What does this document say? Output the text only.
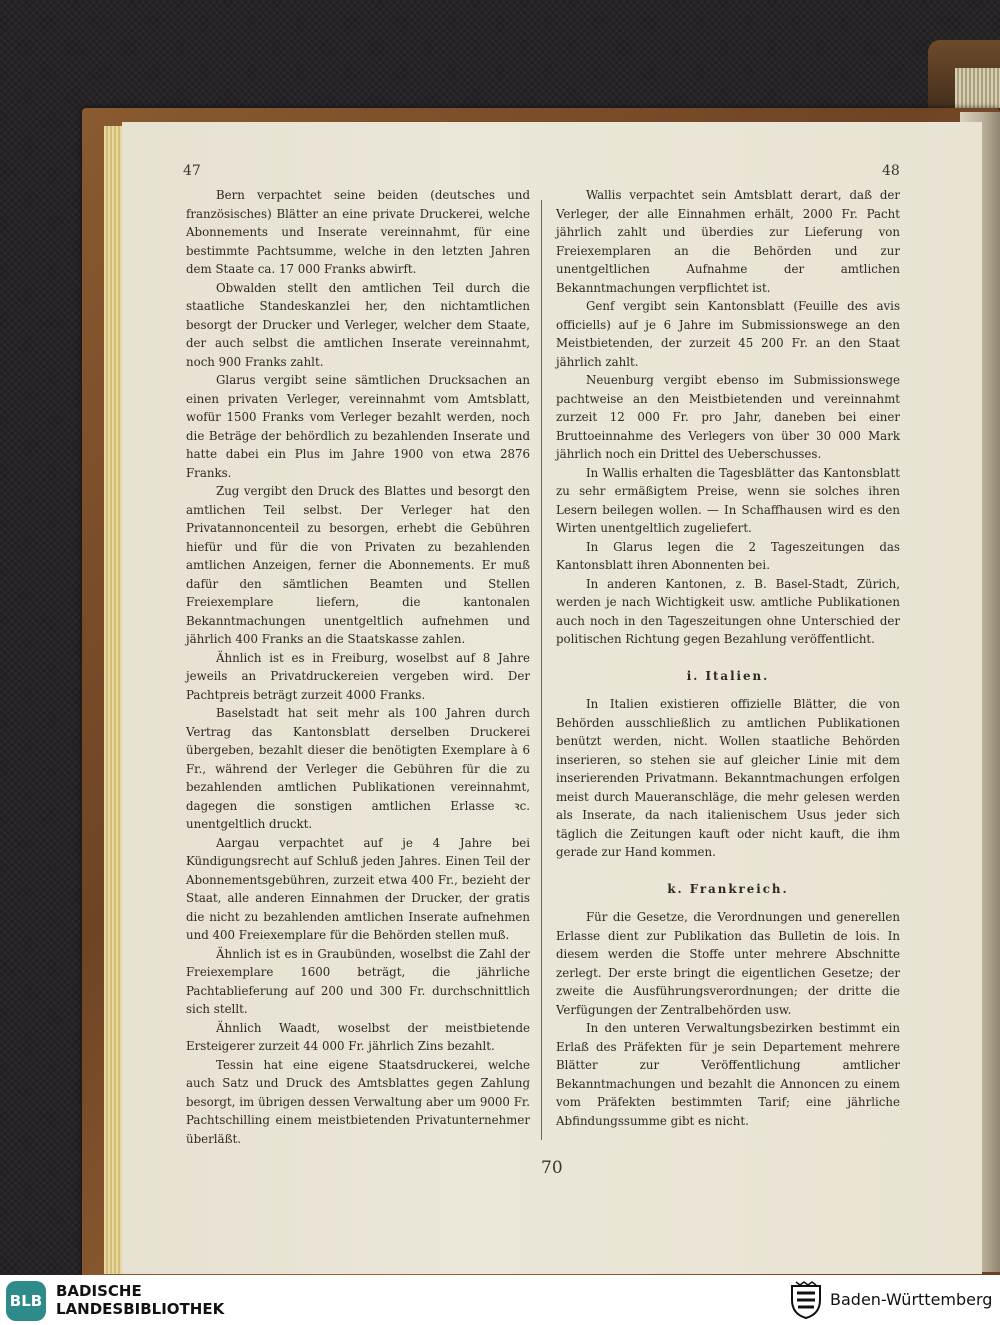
47	48

Bern verpachtet seine beiden (deutsches und französisches) Blätter an eine private Druckerei, welche Abonnements und Inserate vereinnahmt, für eine bestimmte Pachtsumme, welche in den letzten Jahren dem Staate ca. 17 000 Franks abwirft.

Obwalden stellt den amtlichen Teil durch die staatliche Standeskanzlei her, den nichtamtlichen besorgt der Drucker und Verleger, welcher dem Staate, der auch selbst die amtlichen Inserate vereinnahmt, noch 900 Franks zahlt.

Glarus vergibt seine sämtlichen Drucksachen an einen privaten Verleger, vereinnahmt vom Amtsblatt, wofür 1500 Franks vom Verleger bezahlt werden, noch die Beträge der behördlich zu bezahlenden Inserate und hatte dabei ein Plus im Jahre 1900 von etwa 2876 Franks.

Zug vergibt den Druck des Blattes und besorgt den amtlichen Teil selbst. Der Verleger hat den Privatannoncenteil zu besorgen, erhebt die Gebühren hiefür und für die von Privaten zu bezahlenden amtlichen Anzeigen, ferner die Abonnements. Er muß dafür den sämtlichen Beamten und Stellen Freiexemplare liefern, die kantonalen Bekanntmachungen unentgeltlich aufnehmen und jährlich 400 Franks an die Staatskasse zahlen.

Ähnlich ist es in Freiburg, woselbst auf 8 Jahre jeweils an Privatdruckereien vergeben wird. Der Pachtpreis beträgt zurzeit 4000 Franks.

Baselstadt hat seit mehr als 100 Jahren durch Vertrag das Kantonsblatt derselben Druckerei übergeben, bezahlt dieser die benötigten Exemplare à 6 Fr., während der Verleger die Gebühren für die zu bezahlenden amtlichen Publikationen vereinnahmt, dagegen die sonstigen amtlichen Erlasse ꝛc. unentgeltlich druckt.

Aargau verpachtet auf je 4 Jahre bei Kündigungsrecht auf Schluß jeden Jahres. Einen Teil der Abonnementsgebühren, zurzeit etwa 400 Fr., bezieht der Staat, alle anderen Einnahmen der Drucker, der gratis die nicht zu bezahlenden amtlichen Inserate aufnehmen und 400 Freiexemplare für die Behörden stellen muß.

Ähnlich ist es in Graubünden, woselbst die Zahl der Freiexemplare 1600 beträgt, die jährliche Pachtablieferung auf 200 und 300 Fr. durchschnittlich sich stellt.

Ähnlich Waadt, woselbst der meistbietende Ersteigerer zurzeit 44 000 Fr. jährlich Zins bezahlt.

Tessin hat eine eigene Staatsdruckerei, welche auch Satz und Druck des Amtsblattes gegen Zahlung besorgt, im übrigen dessen Verwaltung aber um 9000 Fr. Pachtschilling einem meistbietenden Privatunternehmer überläßt.

Wallis verpachtet sein Amtsblatt derart, daß der Verleger, der alle Einnahmen erhält, 2000 Fr. Pacht jährlich zahlt und überdies zur Lieferung von Freiexemplaren an die Behörden und zur unentgeltlichen Aufnahme der amtlichen Bekanntmachungen verpflichtet ist.

Genf vergibt sein Kantonsblatt (Feuille des avis officiells) auf je 6 Jahre im Submissionswege an den Meistbietenden, der zurzeit 45 200 Fr. an den Staat jährlich zahlt.

Neuenburg vergibt ebenso im Submissionswege pachtweise an den Meistbietenden und vereinnahmt zurzeit 12 000 Fr. pro Jahr, daneben bei einer Bruttoeinnahme des Verlegers von über 30 000 Mark jährlich noch ein Drittel des Ueberschusses.

In Wallis erhalten die Tagesblätter das Kantonsblatt zu sehr ermäßigtem Preise, wenn sie solches ihren Lesern beilegen wollen. — In Schaffhausen wird es den Wirten unentgeltlich zugeliefert.

In Glarus legen die 2 Tageszeitungen das Kantonsblatt ihren Abonnenten bei.

In anderen Kantonen, z. B. Basel-Stadt, Zürich, werden je nach Wichtigkeit usw. amtliche Publikationen auch noch in den Tageszeitungen ohne Unterschied der politischen Richtung gegen Bezahlung veröffentlicht.

i. Italien.

In Italien existieren offizielle Blätter, die von Behörden ausschließlich zu amtlichen Publikationen benützt werden, nicht. Wollen staatliche Behörden inserieren, so stehen sie auf gleicher Linie mit dem inserierenden Privatmann. Bekanntmachungen erfolgen meist durch Maueranschläge, die mehr gelesen werden als Inserate, da nach italienischem Usus jeder sich täglich die Zeitungen kauft oder nicht kauft, die ihm gerade zur Hand kommen.

k. Frankreich.

Für die Gesetze, die Verordnungen und generellen Erlasse dient zur Publikation das Bulletin de lois. In diesem werden die Stoffe unter mehrere Abschnitte zerlegt. Der erste bringt die eigentlichen Gesetze; der zweite die Ausführungsverordnungen; der dritte die Verfügungen der Zentralbehörden usw.

In den unteren Verwaltungsbezirken bestimmt ein Erlaß des Präfekten für je sein Departement mehrere Blätter zur Veröffentlichung amtlicher Bekanntmachungen und bezahlt die Annoncen zu einem vom Präfekten bestimmten Tarif; eine jährliche Abfindungssumme gibt es nicht.

70
BLB
BADISCHE
LANDESBIBLIOTHEK	Baden-Württemberg
